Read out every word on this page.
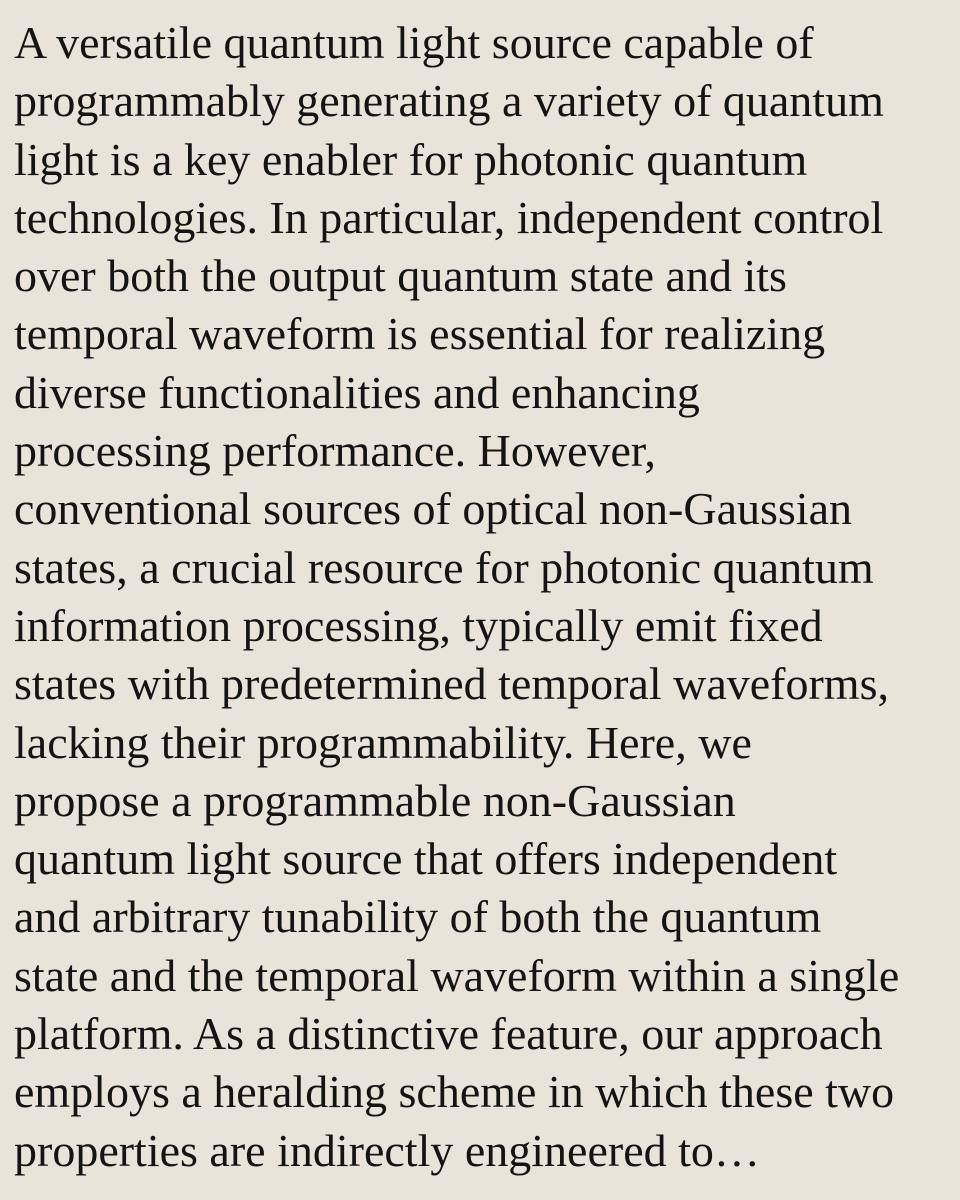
A versatile quantum light source capable of
programmably generating a variety of quantum
light is a key enabler for photonic quantum
technologies. In particular, independent control
over both the output quantum state and its
temporal waveform is essential for realizing
diverse functionalities and enhancing
processing performance. However,
conventional sources of optical non-Gaussian
states, a crucial resource for photonic quantum
information processing, typically emit fixed
states with predetermined temporal waveforms,
lacking their programmability. Here, we
propose a programmable non-Gaussian
quantum light source that offers independent
and arbitrary tunability of both the quantum
state and the temporal waveform within a single
platform. As a distinctive feature, our approach
employs a heralding scheme in which these two
properties are indirectly engineered to…
